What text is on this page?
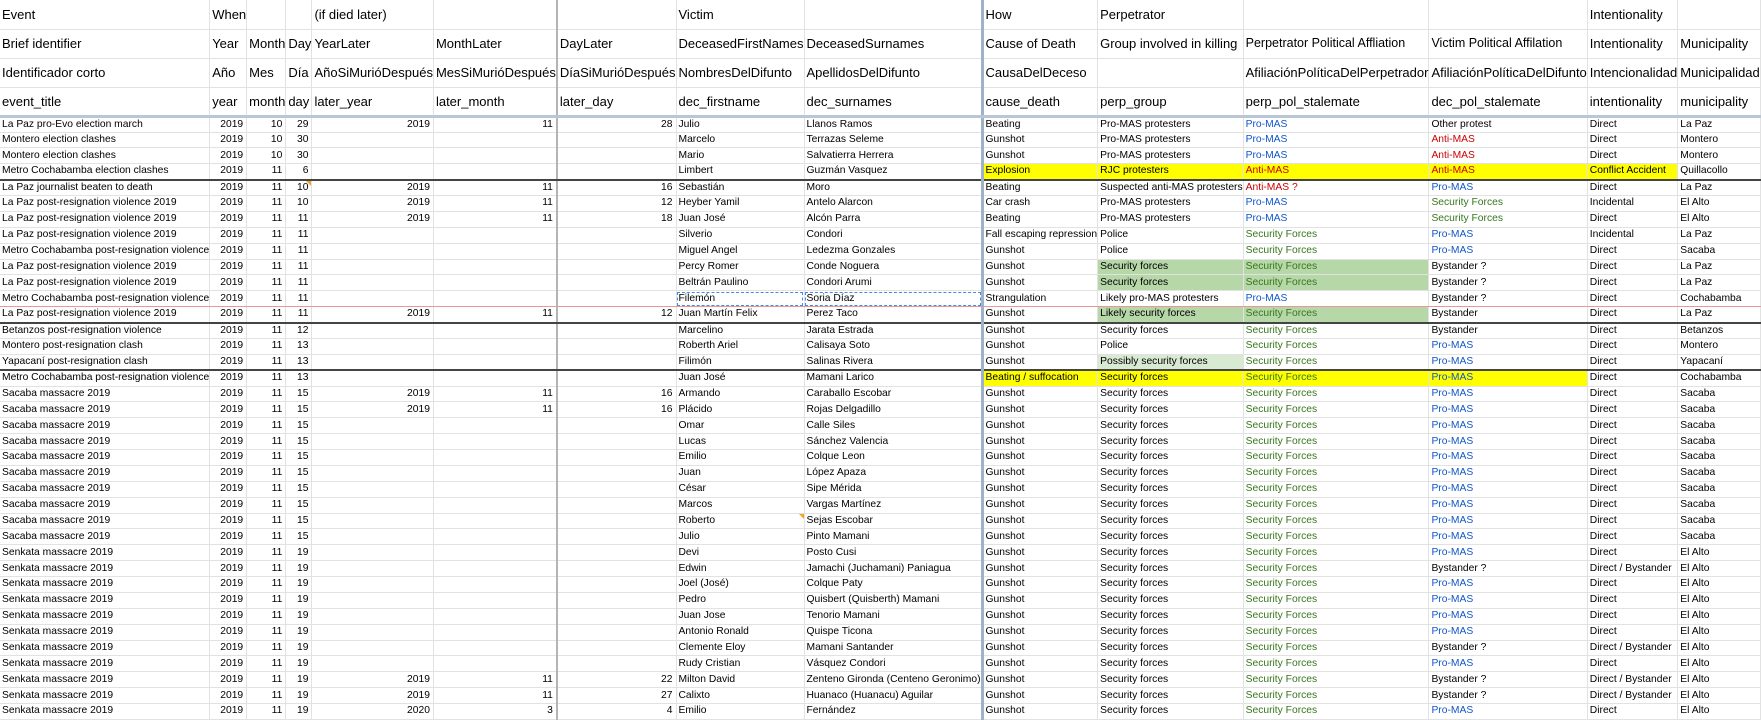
Event	When			(if died later)			Victim		How	Perpetrator			Intentionality	
Brief identifier	Year	Month	Day	YearLater	MonthLater	DayLater	DeceasedFirstNames	DeceasedSurnames	Cause of Death	Group involved in killing	Perpetrator Political Affliation	Victim Political Affilation	Intentionality	Municipality
Identificador corto	Año	Mes	Día	AñoSiMurióDespués	MesSiMurióDespués	DíaSiMurióDespués	NombresDelDifunto	ApellidosDelDifunto	CausaDelDeceso		AfiliaciónPolíticaDelPerpetrador	AfiliaciónPolíticaDelDifunto	Intencionalidad	Municipalidad
event_title	year	month	day	later_year	later_month	later_day	dec_firstname	dec_surnames	cause_death	perp_group	perp_pol_stalemate	dec_pol_stalemate	intentionality	municipality
La Paz pro-Evo election march	2019	10	29	2019	11	28	Julio	Llanos Ramos	Beating	Pro-MAS protesters	Pro-MAS	Other protest	Direct	La Paz
Montero election clashes	2019	10	30				Marcelo	Terrazas Seleme	Gunshot	Pro-MAS protesters	Pro-MAS	Anti-MAS	Direct	Montero
Montero election clashes	2019	10	30				Mario	Salvatierra Herrera	Gunshot	Pro-MAS protesters	Pro-MAS	Anti-MAS	Direct	Montero
Metro Cochabamba election clashes	2019	11	6				Limbert	Guzmán Vasquez	Explosion	RJC protesters	Anti-MAS	Anti-MAS	Conflict Accident	Quillacollo
La Paz journalist beaten to death	2019	11	10	2019	11	16	Sebastián	Moro	Beating	Suspected anti-MAS protesters	Anti-MAS ?	Pro-MAS	Direct	La Paz
La Paz post-resignation violence 2019	2019	11	10	2019	11	12	Heyber Yamil	Antelo Alarcon	Car crash	Pro-MAS protesters	Pro-MAS	Security Forces	Incidental	El Alto
La Paz post-resignation violence 2019	2019	11	11	2019	11	18	Juan José	Alcón Parra	Beating	Pro-MAS protesters	Pro-MAS	Security Forces	Direct	El Alto
La Paz post-resignation violence 2019	2019	11	11				Silverio	Condori	Fall escaping repression	Police	Security Forces	Pro-MAS	Incidental	La Paz
Metro Cochabamba post-resignation violence	2019	11	11				Miguel Angel	Ledezma Gonzales	Gunshot	Police	Security Forces	Pro-MAS	Direct	Sacaba
La Paz post-resignation violence 2019	2019	11	11				Percy Romer	Conde Noguera	Gunshot	Security forces	Security Forces	Bystander ?	Direct	La Paz
La Paz post-resignation violence 2019	2019	11	11				Beltrán Paulino	Condori Arumi	Gunshot	Security forces	Security Forces	Bystander ?	Direct	La Paz
Metro Cochabamba post-resignation violence	2019	11	11				Filemón	Soria Díaz	Strangulation	Likely pro-MAS protesters	Pro-MAS	Bystander ?	Direct	Cochabamba
La Paz post-resignation violence 2019	2019	11	11	2019	11	12	Juan Martín Felix	Perez Taco	Gunshot	Likely security forces	Security Forces	Bystander	Direct	La Paz
Betanzos post-resignation violence	2019	11	12				Marcelino	Jarata Estrada	Gunshot	Security forces	Security Forces	Bystander	Direct	Betanzos
Montero post-resignation clash	2019	11	13				Roberth Ariel	Calisaya Soto	Gunshot	Police	Security Forces	Pro-MAS	Direct	Montero
Yapacaní post-resignation clash	2019	11	13				Filimón	Salinas Rivera	Gunshot	Possibly security forces	Security Forces	Pro-MAS	Direct	Yapacaní
Metro Cochabamba post-resignation violence	2019	11	13				Juan José	Mamani Larico	Beating / suffocation	Security forces	Security Forces	Pro-MAS	Direct	Cochabamba
Sacaba massacre 2019	2019	11	15	2019	11	16	Armando	Caraballo Escobar	Gunshot	Security forces	Security Forces	Pro-MAS	Direct	Sacaba
Sacaba massacre 2019	2019	11	15	2019	11	16	Plácido	Rojas Delgadillo	Gunshot	Security forces	Security Forces	Pro-MAS	Direct	Sacaba
Sacaba massacre 2019	2019	11	15				Omar	Calle Siles	Gunshot	Security forces	Security Forces	Pro-MAS	Direct	Sacaba
Sacaba massacre 2019	2019	11	15				Lucas	Sánchez Valencia	Gunshot	Security forces	Security Forces	Pro-MAS	Direct	Sacaba
Sacaba massacre 2019	2019	11	15				Emilio	Colque Leon	Gunshot	Security forces	Security Forces	Pro-MAS	Direct	Sacaba
Sacaba massacre 2019	2019	11	15				Juan	López Apaza	Gunshot	Security forces	Security Forces	Pro-MAS	Direct	Sacaba
Sacaba massacre 2019	2019	11	15				César	Sipe Mérida	Gunshot	Security forces	Security Forces	Pro-MAS	Direct	Sacaba
Sacaba massacre 2019	2019	11	15				Marcos	Vargas Martínez	Gunshot	Security forces	Security Forces	Pro-MAS	Direct	Sacaba
Sacaba massacre 2019	2019	11	15				Roberto	Sejas Escobar	Gunshot	Security forces	Security Forces	Pro-MAS	Direct	Sacaba
Sacaba massacre 2019	2019	11	15				Julio	Pinto Mamani	Gunshot	Security forces	Security Forces	Pro-MAS	Direct	Sacaba
Senkata massacre 2019	2019	11	19				Devi	Posto Cusi	Gunshot	Security forces	Security Forces	Pro-MAS	Direct	El Alto
Senkata massacre 2019	2019	11	19				Edwin	Jamachi (Juchamani) Paniagua	Gunshot	Security forces	Security Forces	Bystander ?	Direct / Bystander	El Alto
Senkata massacre 2019	2019	11	19				Joel (José)	Colque Paty	Gunshot	Security forces	Security Forces	Pro-MAS	Direct	El Alto
Senkata massacre 2019	2019	11	19				Pedro	Quisbert (Quisberth) Mamani	Gunshot	Security forces	Security Forces	Pro-MAS	Direct	El Alto
Senkata massacre 2019	2019	11	19				Juan Jose	Tenorio Mamani	Gunshot	Security forces	Security Forces	Pro-MAS	Direct	El Alto
Senkata massacre 2019	2019	11	19				Antonio Ronald	Quispe Ticona	Gunshot	Security forces	Security Forces	Pro-MAS	Direct	El Alto
Senkata massacre 2019	2019	11	19				Clemente Eloy	Mamani Santander	Gunshot	Security forces	Security Forces	Bystander ?	Direct / Bystander	El Alto
Senkata massacre 2019	2019	11	19				Rudy Cristian	Vásquez Condori	Gunshot	Security forces	Security Forces	Pro-MAS	Direct	El Alto
Senkata massacre 2019	2019	11	19	2019	11	22	Milton David	Zenteno Gironda (Centeno Geronimo)	Gunshot	Security forces	Security Forces	Bystander ?	Direct / Bystander	El Alto
Senkata massacre 2019	2019	11	19	2019	11	27	Calixto	Huanaco (Huanacu) Aguilar	Gunshot	Security forces	Security Forces	Bystander ?	Direct / Bystander	El Alto
Senkata massacre 2019	2019	11	19	2020	3	4	Emilio	Fernández	Gunshot	Security forces	Security Forces	Pro-MAS	Direct	El Alto
